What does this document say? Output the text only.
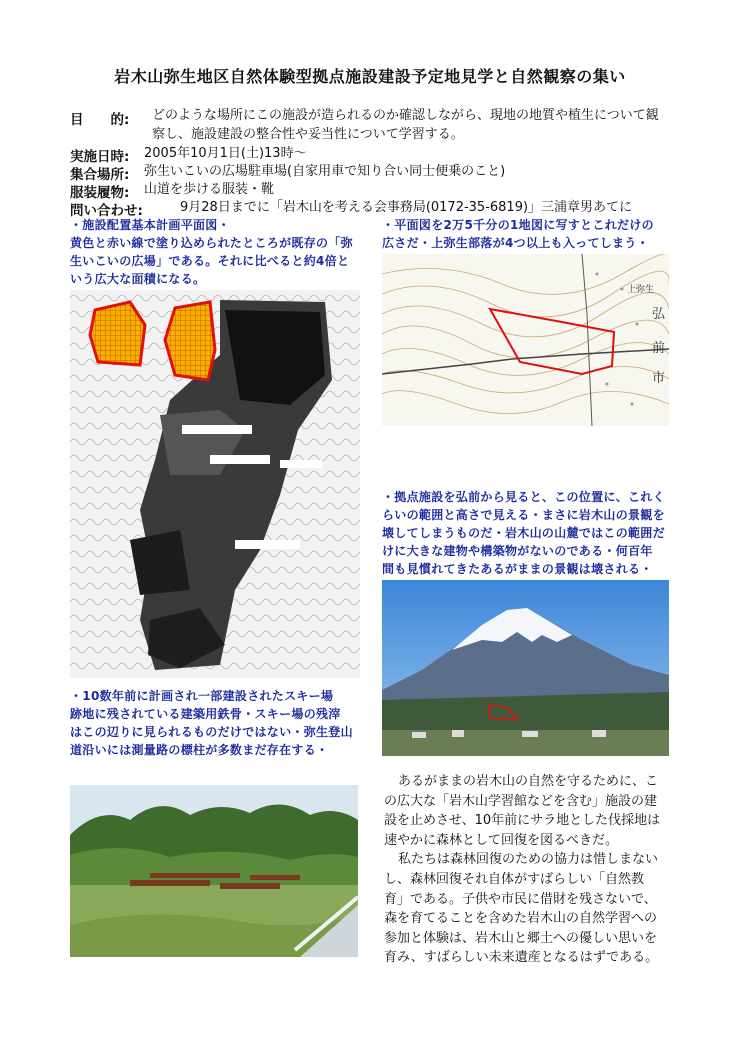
岩木山弥生地区自然体験型拠点施設建設予定地見学と自然観察の集い
目　　的: どのような場所にこの施設が造られるのか確認しながら、現地の地質や植生について観
察し、施設建設の整合性や妥当性について学習する。
実施日時: 2005年10月1日(土)13時～
集合場所: 弥生いこいの広場駐車場(自家用車で知り合い同士便乗のこと)
服装履物: 山道を歩ける服装・靴
問い合わせ:	9月28日までに「岩木山を考える会事務局(0172-35-6819)」三浦章男あてに
・施設配置基本計画平面図・
黄色と赤い線で塗り込められたところが既存の「弥
生いこいの広場」である。それに比べると約4倍と
いう広大な面積になる。
・平面図を2万5千分の1地図に写すとこれだけの
広さだ・上弥生部落が4つ以上も入ってしまう・
弘
前
市
上弥生
・拠点施設を弘前から見ると、この位置に、これく
らいの範囲と高さで見える・まさに岩木山の景観を
壊してしまうものだ・岩木山の山麓ではこの範囲だ
けに大きな建物や構築物がないのである・何百年
間も見慣れてきたあるがままの景観は壊される・
・10数年前に計画され一部建設されたスキー場
跡地に残されている建築用鉄骨・スキー場の残滓
はこの辺りに見られるものだけではない・弥生登山
道沿いには測量路の標柱が多数まだ存在する・
あるがままの岩木山の自然を守るために、こ
の広大な「岩木山学習館などを含む」施設の建
設を止めさせ、10年前にサラ地とした伐採地は
速やかに森林として回復を図るべきだ。
私たちは森林回復のための協力は惜しまない
し、森林回復それ自体がすばらしい「自然教
育」である。子供や市民に借財を残さないで、
森を育てることを含めた岩木山の自然学習への
参加と体験は、岩木山と郷土への優しい思いを
育み、すばらしい未来遺産となるはずである。
